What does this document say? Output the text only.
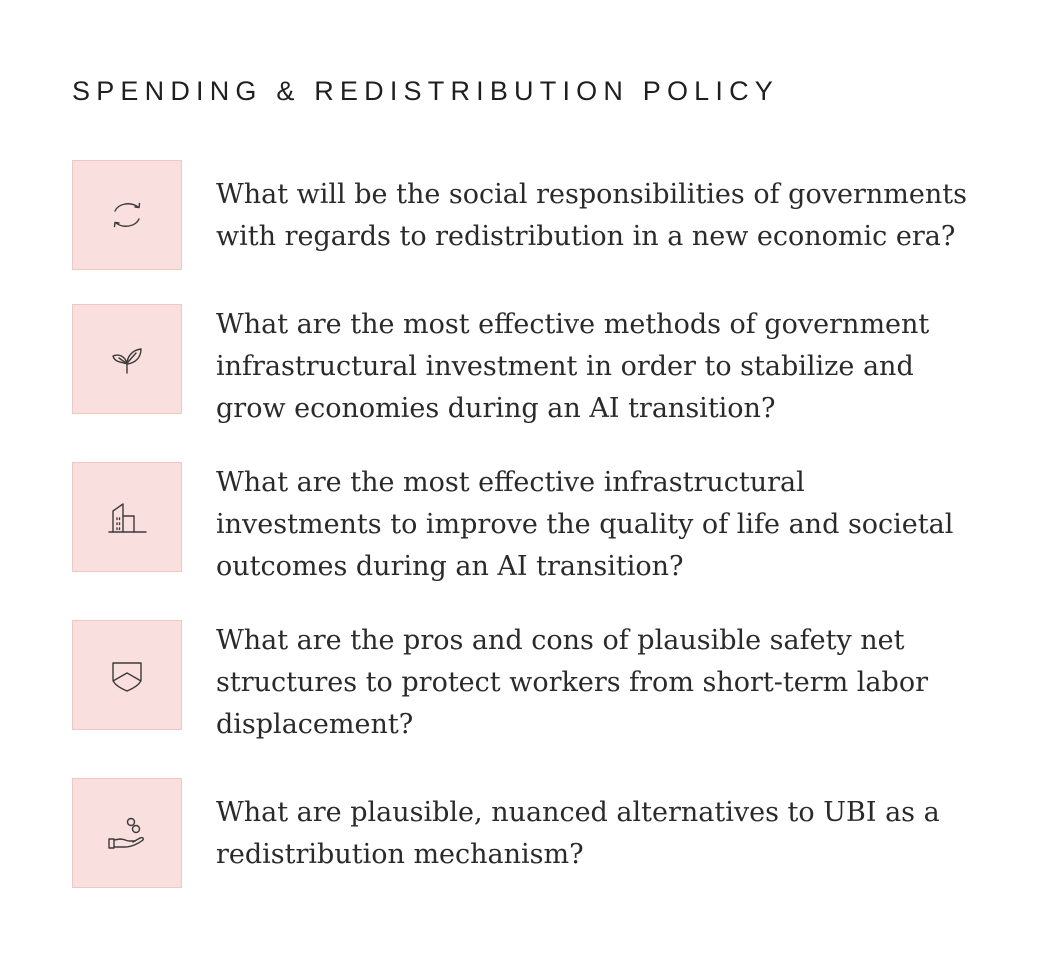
SPENDING & REDISTRIBUTION POLICY

What will be the social responsibilities of governments with regards to redistribution in a new economic era?

What are the most effective methods of government infrastructural investment in order to stabilize and grow economies during an AI transition?

What are the most effective infrastructural investments to improve the quality of life and societal outcomes during an AI transition?

What are the pros and cons of plausible safety net structures to protect workers from short-term labor displacement?

What are plausible, nuanced alternatives to UBI as a redistribution mechanism?
